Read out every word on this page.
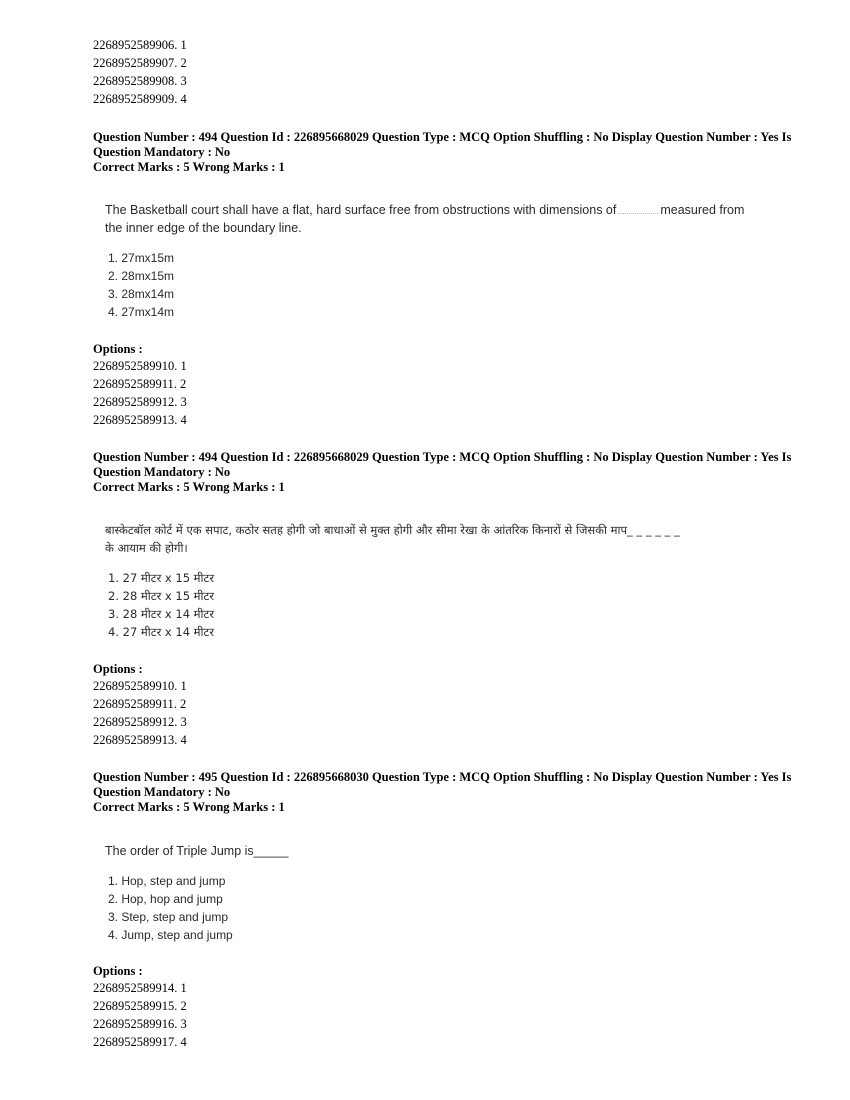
2268952589906. 1
2268952589907. 2
2268952589908. 3
2268952589909. 4
Question Number : 494 Question Id : 226895668029 Question Type : MCQ Option Shuffling : No Display Question Number : Yes Is
Question Mandatory : No
Correct Marks : 5 Wrong Marks : 1
The Basketball court shall have a flat, hard surface free from obstructions with dimensions of	measured from
the inner edge of the boundary line.
1. 27mx15m
2. 28mx15m
3. 28mx14m
4. 27mx14m
Options :
2268952589910. 1
2268952589911. 2
2268952589912. 3
2268952589913. 4
Question Number : 494 Question Id : 226895668029 Question Type : MCQ Option Shuffling : No Display Question Number : Yes Is
Question Mandatory : No
Correct Marks : 5 Wrong Marks : 1
बास्केटबॉल कोर्ट में एक सपाट, कठोर सतह होगी जो बाधाओं से मुक्त होगी और सीमा रेखा के आंतरिक किनारों से जिसकी माप_ _ _ _ _ _
के आयाम की होगी।
1. 27 मीटर x 15 मीटर
2. 28 मीटर x 15 मीटर
3. 28 मीटर x 14 मीटर
4. 27 मीटर x 14 मीटर
Options :
2268952589910. 1
2268952589911. 2
2268952589912. 3
2268952589913. 4
Question Number : 495 Question Id : 226895668030 Question Type : MCQ Option Shuffling : No Display Question Number : Yes Is
Question Mandatory : No
Correct Marks : 5 Wrong Marks : 1
The order of Triple Jump is_____
1. Hop, step and jump
2. Hop, hop and jump
3. Step, step and jump
4. Jump, step and jump
Options :
2268952589914. 1
2268952589915. 2
2268952589916. 3
2268952589917. 4
